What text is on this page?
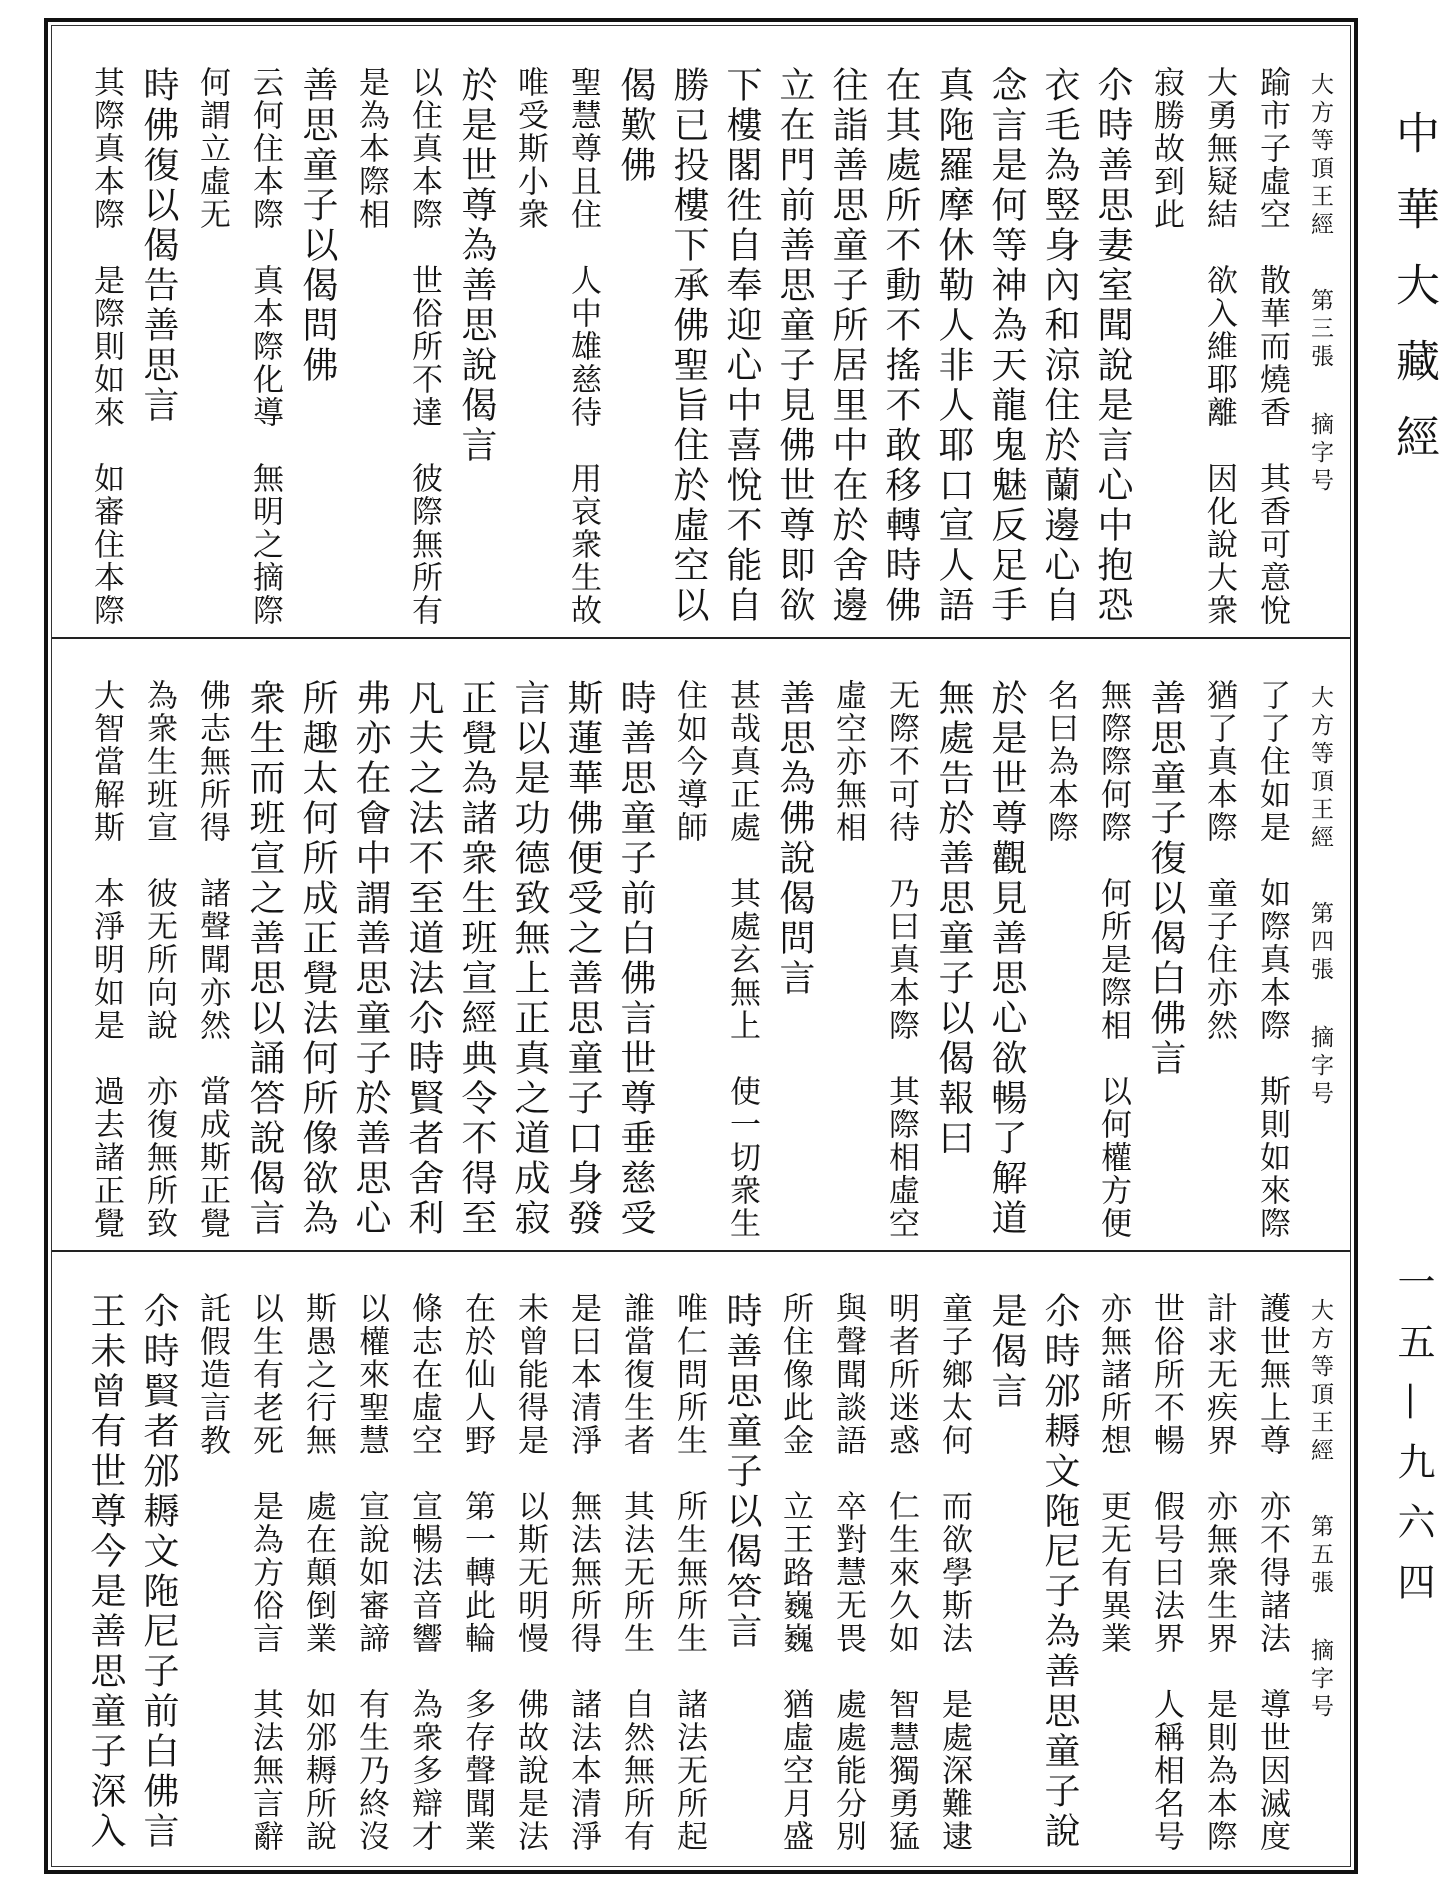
中華大藏經
一五—九六四
大方等頂王經
第三張
摘字号
踰市子虛空　散華而燒香　其香可意悅
大勇無疑結　欲入維耶離　因化說大衆
寂勝故到此
尒時善思妻室聞說是言心中抱恐
衣毛為竪身內和涼住於蘭邊心自
念言是何等神為天龍鬼魅反足手
真陁羅摩休勒人非人耶口宣人語
在其處所不動不搖不敢移轉時佛
往詣善思童子所居里中在於舍邊
立在門前善思童子見佛世尊即欲
下樓閣徃自奉迎心中喜悅不能自
勝已投樓下承佛聖旨住於虛空以
偈歎佛
聖慧尊且住　人中雄慈待　用哀衆生故
唯受斯小衆
於是世尊為善思說偈言
以住真本際　世俗所不達　彼際無所有
是為本際相
善思童子以偈問佛
云何住本際　真本際化導　無明之摘際
何謂立虛无
時佛復以偈告善思言
其際真本際　是際則如來　如審住本際
大方等頂王經
第四張
摘字号
了了住如是　如際真本際　斯則如來際
猶了真本際　童子住亦然
善思童子復以偈白佛言
無際際何際　何所是際相　以何權方便
名曰為本際
於是世尊觀見善思心欲暢了解道
無處告於善思童子以偈報曰
无際不可待　乃曰真本際　其際相虛空
虛空亦無相
善思為佛說偈問言
甚哉真正處　其處玄無上　使一切衆生
住如今導師
時善思童子前白佛言世尊垂慈受
斯蓮華佛便受之善思童子口身發
言以是功德致無上正真之道成寂
正覺為諸衆生班宣經典令不得至
凡夫之法不至道法尒時賢者舍利
弗亦在會中謂善思童子於善思心
所趣太何所成正覺法何所像欲為
衆生而班宣之善思以誦答說偈言
佛志無所得　諸聲聞亦然　當成斯正覺
為衆生班宣　彼无所向說　亦復無所致
大智當解斯　本淨明如是　過去諸正覺
大方等頂王經
第五張
摘字号
護世無上尊　亦不得諸法　導世因滅度
計求无疾界　亦無衆生界　是則為本際
世俗所不暢　假号曰法界　人稱相名号
亦無諸所想　更无有異業
尒時邠耨文陁尼子為善思童子說
是偈言
童子鄉太何　而欲學斯法　是處深難逮
明者所迷惑　仁生來久如　智慧獨勇猛
與聲聞談語　卒對慧无畏　處處能分別
所住像此金　立王路巍巍　猶虛空月盛
時善思童子以偈答言
唯仁問所生　所生無所生　諸法无所起
誰當復生者　其法无所生　自然無所有
是曰本清淨　無法無所得　諸法本清淨
未曾能得是　以斯无明慢　佛故說是法
在於仙人野　第一轉此輪　多存聲聞業
條志在虛空　宣暢法音響　為衆多辯才
以權來聖慧　宣說如審諦　有生乃終沒
斯愚之行無　處在顛倒業　如邠耨所說
以生有老死　是為方俗言　其法無言辭
託假造言教
尒時賢者邠耨文陁尼子前白佛言
王未曾有世尊今是善思童子深入
